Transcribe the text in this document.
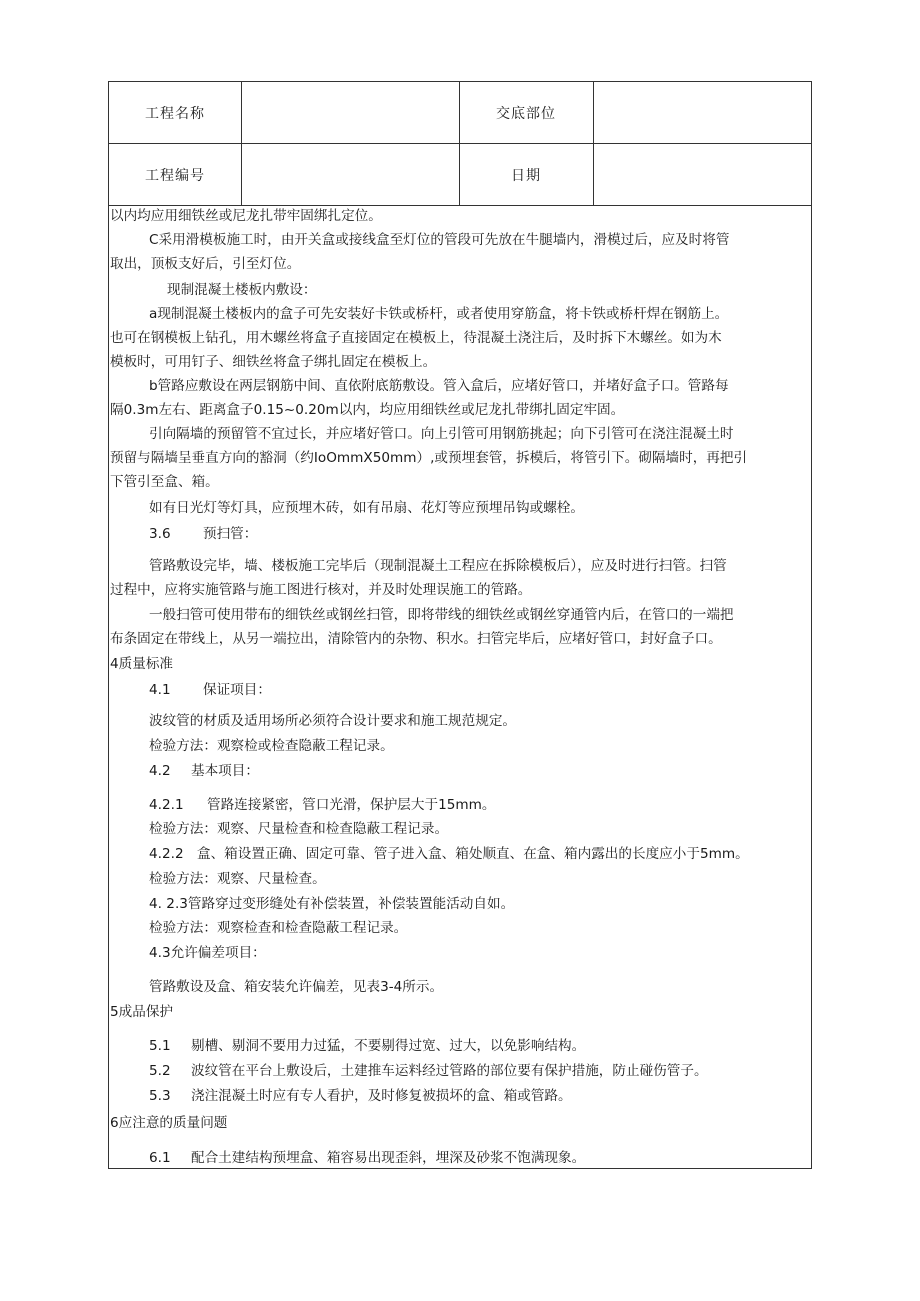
工程名称	交底部位
工程编号	日期
以内均应用细铁丝或尼龙扎带牢固绑扎定位。
C采用滑模板施工时，由开关盒或接线盒至灯位的管段可先放在牛腿墙内，滑模过后，应及时将管
取出，顶板支好后，引至灯位。
现制混凝土楼板内敷设：
a现制混凝土楼板内的盒子可先安装好卡铁或桥杆，或者使用穿筋盒，将卡铁或桥杆焊在钢筋上。
也可在钢模板上钻孔，用木螺丝将盒子直接固定在模板上，待混凝土浇注后，及时拆下木螺丝。如为木
模板时，可用钉子、细铁丝将盒子绑扎固定在模板上。
b管路应敷设在两层钢筋中间、直依附底筋敷设。管入盒后，应堵好管口，并堵好盒子口。管路每
隔0.3m左右、距离盒子0.15~0.20m以内，均应用细铁丝或尼龙扎带绑扎固定牢固。
引向隔墙的预留管不宜过长，并应堵好管口。向上引管可用钢筋挑起；向下引管可在浇注混凝土时
预留与隔墙呈垂直方向的豁洞（约IoOmmX50mm）,或预埋套管，拆模后，将管引下。砌隔墙时，再把引
下管引至盒、箱。
如有日光灯等灯具，应预埋木砖，如有吊扇、花灯等应预埋吊钩或螺栓。
3.6 预扫管：
管路敷设完毕，墙、楼板施工完毕后（现制混凝土工程应在拆除模板后），应及时进行扫管。扫管
过程中，应将实施管路与施工图进行核对，并及时处理误施工的管路。
一般扫管可使用带布的细铁丝或钢丝扫管，即将带线的细铁丝或钢丝穿通管内后，在管口的一端把
布条固定在带线上，从另一端拉出，清除管内的杂物、积水。扫管完毕后，应堵好管口，封好盒子口。
4质量标准
4.1 保证项目：
波纹管的材质及适用场所必须符合设计要求和施工规范规定。
检验方法：观察检或检查隐蔽工程记录。
4.2 基本项目：
4.2.1 管路连接紧密，管口光滑，保护层大于15mm。
检验方法：观察、尺量检查和检查隐蔽工程记录。
4.2.2 盒、箱设置正确、固定可靠、管子进入盒、箱处顺直、在盒、箱内露出的长度应小于5mm。
检验方法：观察、尺量检查。
4. 2.3管路穿过变形缝处有补偿装置，补偿装置能活动自如。
检验方法：观察检查和检查隐蔽工程记录。
4.3允许偏差项目：
管路敷设及盒、箱安装允许偏差，见表3-4所示。
5成品保护
5.1 剔槽、剔洞不要用力过猛，不要剔得过宽、过大，以免影响结构。
5.2 波纹管在平台上敷设后，土建推车运料经过管路的部位要有保护措施，防止碰伤管子。
5.3 浇注混凝土时应有专人看护，及时修复被损坏的盒、箱或管路。
6应注意的质量问题
6.1 配合土建结构预埋盒、箱容易出现歪斜，埋深及砂浆不饱满现象。
